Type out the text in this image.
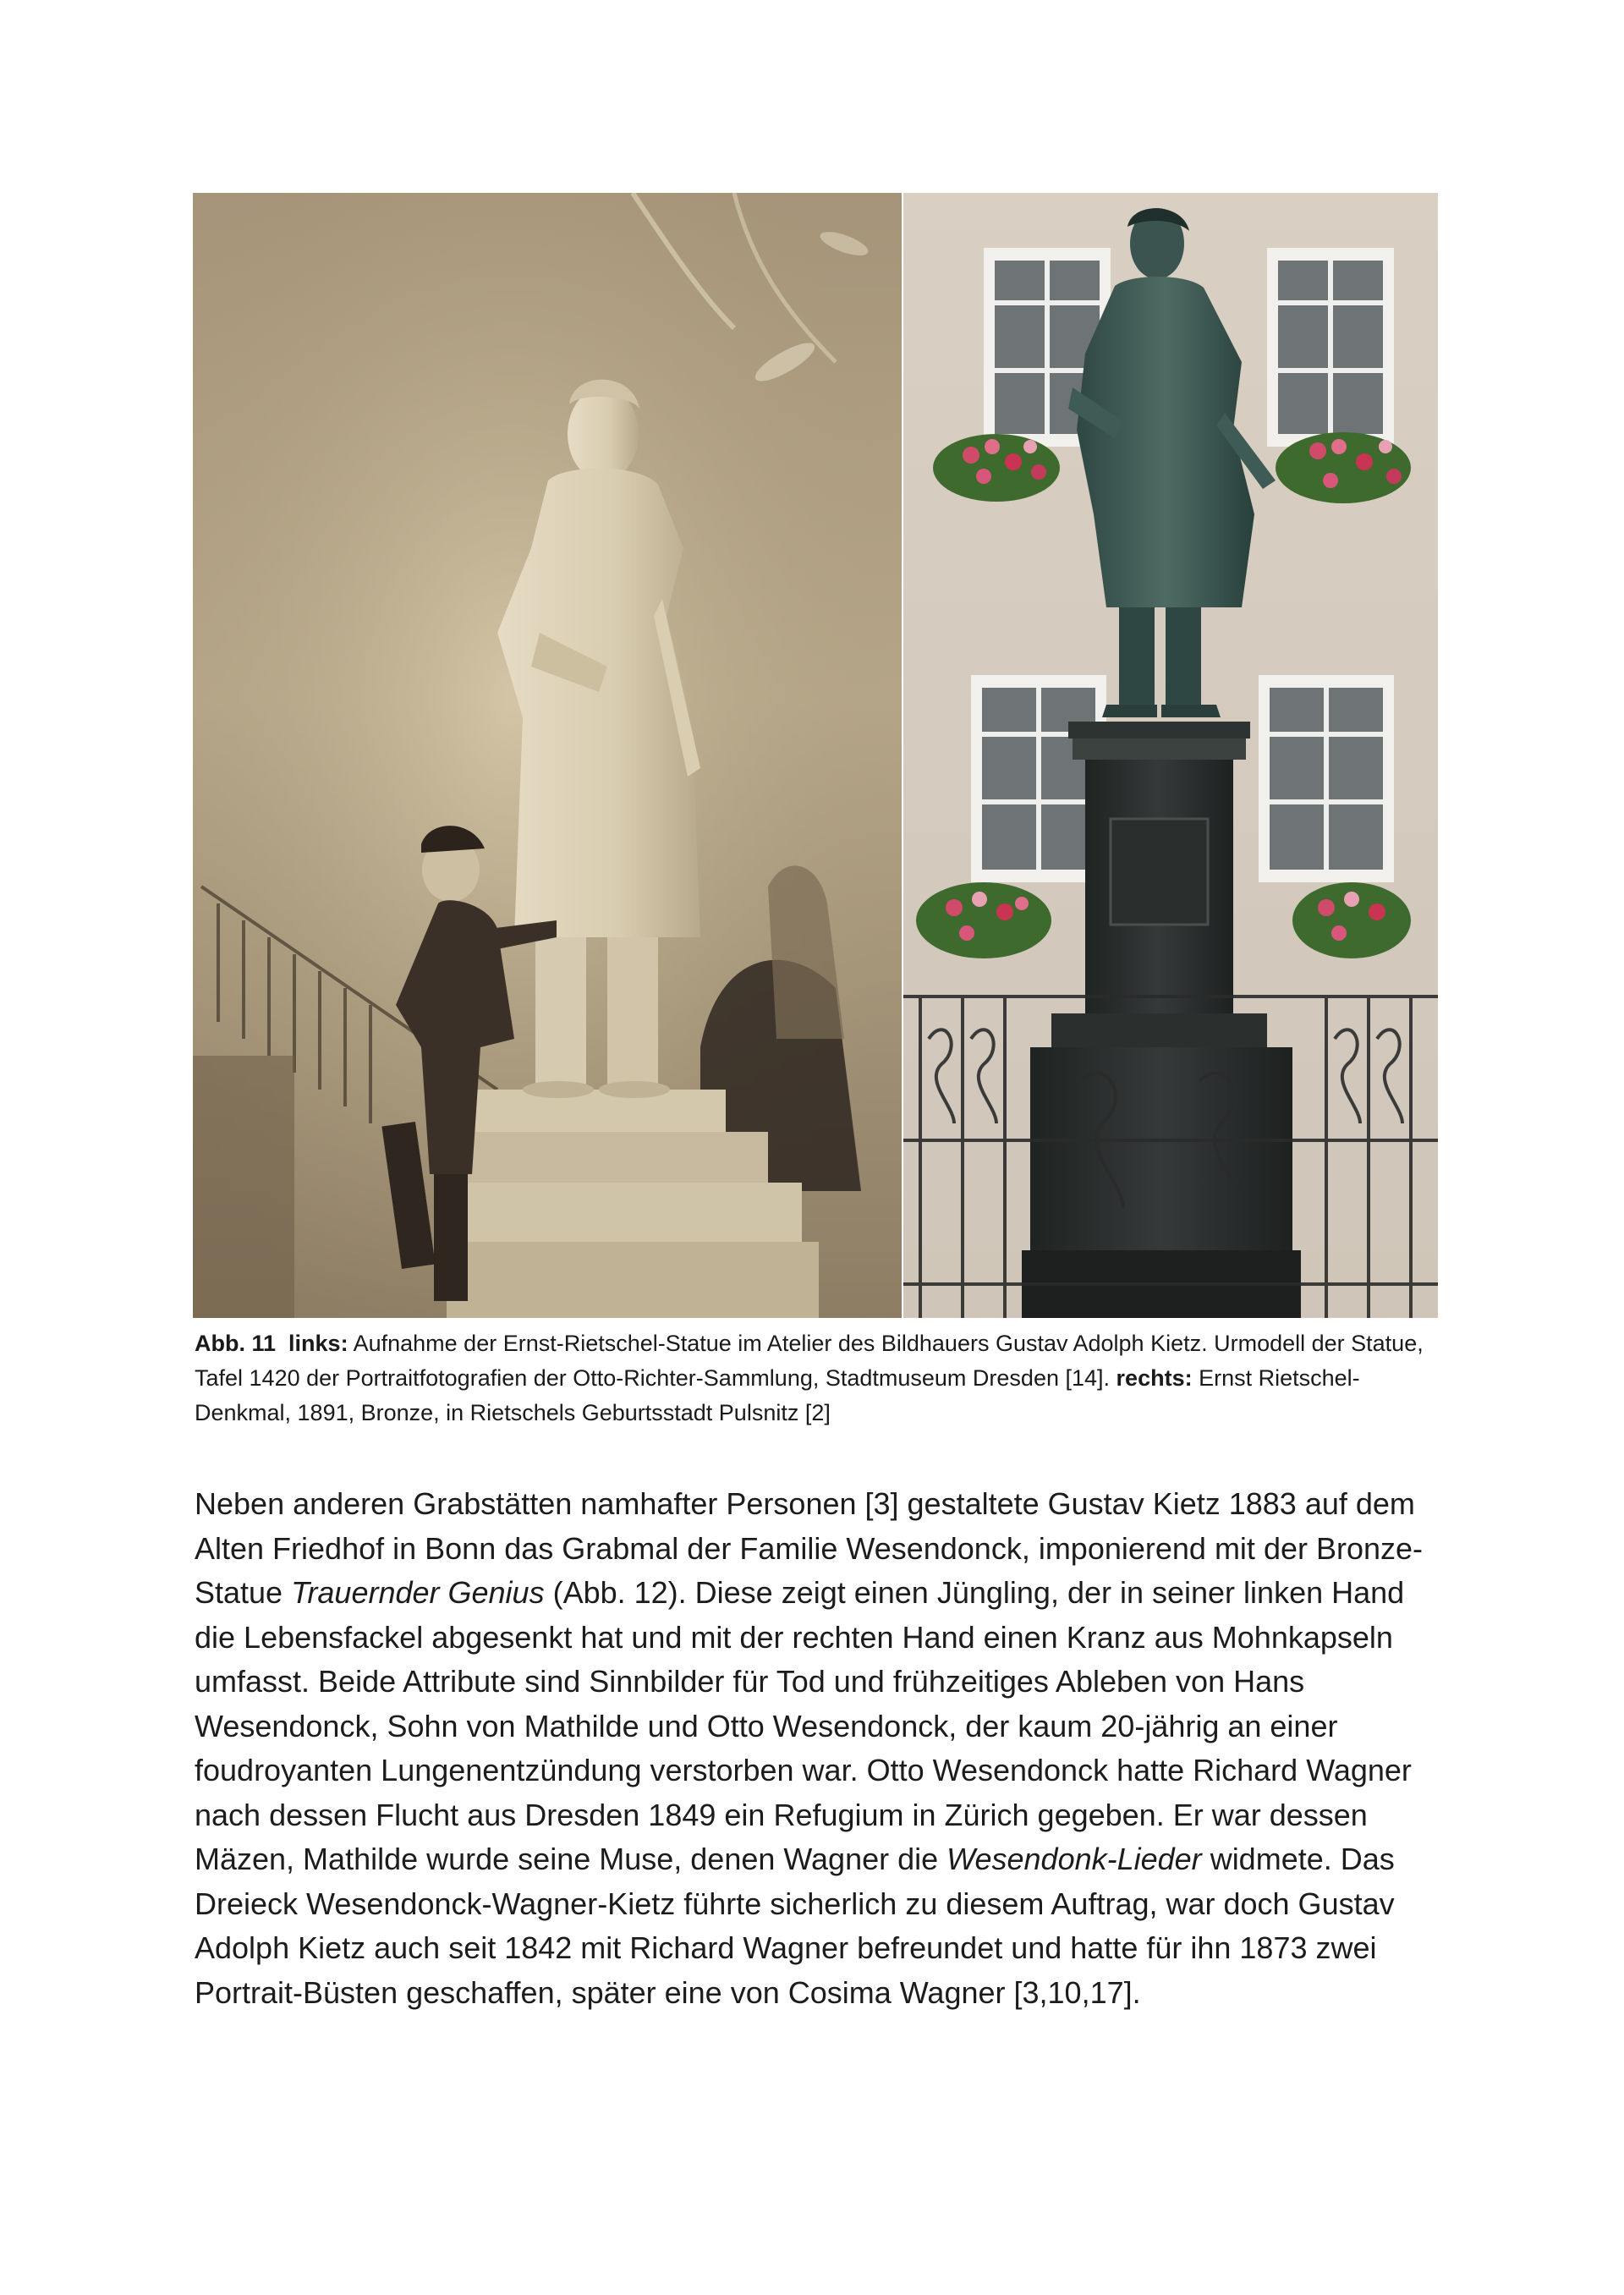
Abb. 11 links: Aufnahme der Ernst-Rietschel-Statue im Atelier des Bildhauers Gustav Adolph Kietz. Urmodell der Statue, Tafel 1420 der Portraitfotografien der Otto-Richter-Sammlung, Stadtmuseum Dresden [14]. rechts: Ernst Rietschel-Denkmal, 1891, Bronze, in Rietschels Geburtsstadt Pulsnitz [2]

Neben anderen Grabstätten namhafter Personen [3] gestaltete Gustav Kietz 1883 auf dem Alten Friedhof in Bonn das Grabmal der Familie Wesendonck, imponierend mit der Bronze-Statue Trauernder Genius (Abb. 12). Diese zeigt einen Jüngling, der in seiner linken Hand die Lebensfackel abgesenkt hat und mit der rechten Hand einen Kranz aus Mohnkapseln umfasst. Beide Attribute sind Sinnbilder für Tod und frühzeitiges Ableben von Hans Wesendonck, Sohn von Mathilde und Otto Wesendonck, der kaum 20-jährig an einer foudroyanten Lungenentzündung verstorben war. Otto Wesendonck hatte Richard Wagner nach dessen Flucht aus Dresden 1849 ein Refugium in Zürich gegeben. Er war dessen Mäzen, Mathilde wurde seine Muse, denen Wagner die Wesendonk-Lieder widmete. Das Dreieck Wesendonck-Wagner-Kietz führte sicherlich zu diesem Auftrag, war doch Gustav Adolph Kietz auch seit 1842 mit Richard Wagner befreundet und hatte für ihn 1873 zwei Portrait-Büsten geschaffen, später eine von Cosima Wagner [3,10,17].
